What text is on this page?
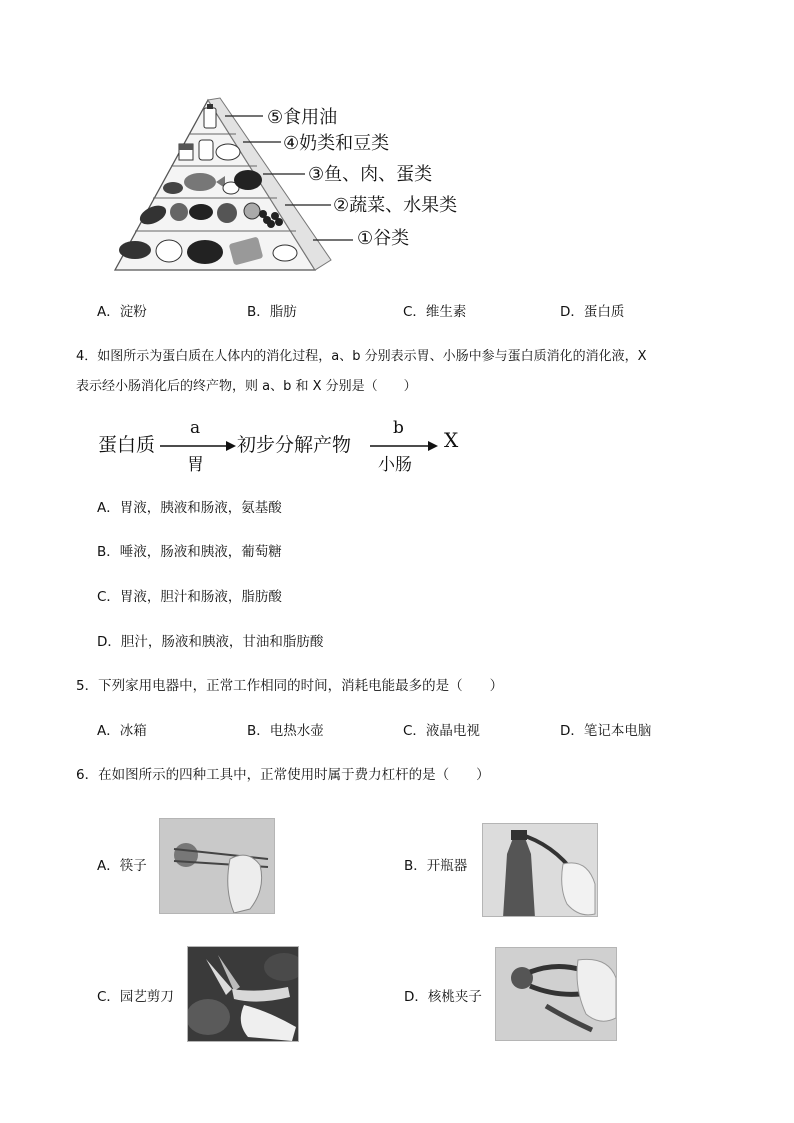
⑤食用油
④奶类和豆类
③鱼、肉、蛋类
②蔬菜、水果类
①谷类
A．淀粉	B．脂肪	C．维生素	D．蛋白质
4．如图所示为蛋白质在人体内的消化过程，a、b 分别表示胃、小肠中参与蛋白质消化的消化液，X
表示经小肠消化后的终产物，则 a、b 和 X 分别是（　　）
蛋白质
a
胃
初步分解产物
b
小肠
X
A．胃液，胰液和肠液，氨基酸
B．唾液，肠液和胰液，葡萄糖
C．胃液，胆汁和肠液，脂肪酸
D．胆汁，肠液和胰液，甘油和脂肪酸
5．下列家用电器中，正常工作相同的时间，消耗电能最多的是（　　）
A．冰箱	B．电热水壶	C．液晶电视	D．笔记本电脑
6．在如图所示的四种工具中，正常使用时属于费力杠杆的是（　　）
A．筷子	B．开瓶器
C．园艺剪刀	D．核桃夹子
